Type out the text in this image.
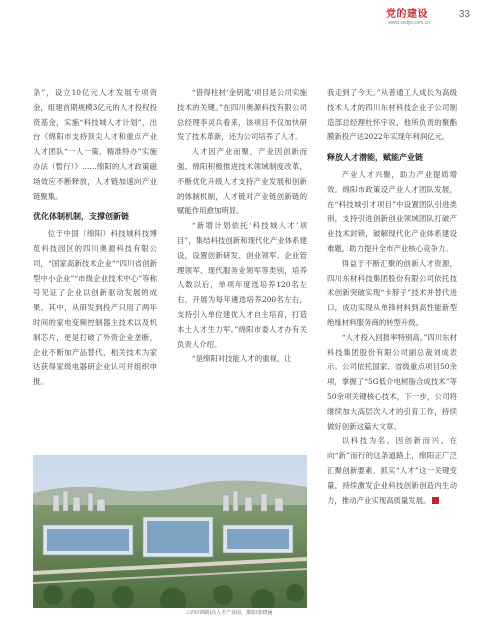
党的建设
www.sxdjw.com.cn
33

条”，设立10亿元人才发展专项资金，组建首期规模3亿元的人才投权投资基金，实施“科技城人才计划”，出台《绵阳市支持顶尖人才和重点产业人才团队“一人一策、精准特办”实施办法（暂行）》……绵阳的人才政策磁场效应不断释放，人才链加速向产业链聚集。

优化体制机制，支撑创新链

位于中国（绵阳）科技城科技博览科技园区的四川奥源科技有限公司，“国家高新技术企业”“四川省创新型中小企业”“市级企业技术中心”等称号见证了企业以创新驱动发展的成果。其中，从研发到投产只用了两年时间的家电变频控制器主技术以及机制芯片，更是打破了外资企业垄断，企业不断加产品替代，相关技术为家达获得家级电器研企业认可并组织申报。

“借得柱材‘金钥匙’项目是公司实施技术的关键。”在四川奥源科技有限公司总经理李灵兵看来，该项目不仅加快研发了技术革新，还为公司培养了人才。

人才因产业而聚，产业因创新而强。绵阳积极推进技术领域制度改革，不断优化升级人才支持产业发展和创新的体制机制，人才链对产业链创新链的赋能作用愈加明显。

“新增计划依托‘科技城人才’项目”，集结科技创新和现代化产业体系建设，设置创新研发、创业领军、企业管理领军、现代服务业领军等类别，培养人数以后，单项年度选培养120名左右，开展为每年遴选培养200名左右，支持引入单位建优人才自主培育，打造本土人才生力军。”绵阳市委人才办有关负责人介绍。

“是绵阳对技能人才的重视，让

我走到了今天。”从普通工人成长为高级技术人才的四川东材科技企业子公司制造部总经理杜怀宇说，他所负责的聚酯膜新投产达2022年实现年利润亿元。

释放人才潜能，赋能产业链

产业人才兴聚，助力产业提质增效。绵阳市政策设产业人才团队发展，在“科技城引才项目”中设置团队引进类别，支持引进创新创业领域团队打破产业技术封锁，破解现代化产业体系建设难题，助力提升全市产业核心竞争力。

得益于不断汇聚的创新人才资源，四川东材科技集团股份有限公司依托技术创新突破实现“卡脖子”技术并替代进口，成功实现从单锋材料到高性能新型绝缘材料服务商的转型升级。

“人才投入回报率特别高。”四川东材科技集团股份有限公司副总裁刘成表示。公司依托国家、省级重点项目50余项，掌握了“5G低介电树脂合成技术”等50余项关键核心技术，下一步，公司将继续加大高层次人才的引育工作，持续做好创新这篇大文章。

以科技为名，因创新而兴。在向“新”而行的这条道路上，绵阳正广泛汇聚创新要素，抓实“人才”这一关键变量，持续激发企业科技创新创造内生动力，推动产业实现高质量发展。

△四川绵阳高人才产业园，摄影/张晓涵
